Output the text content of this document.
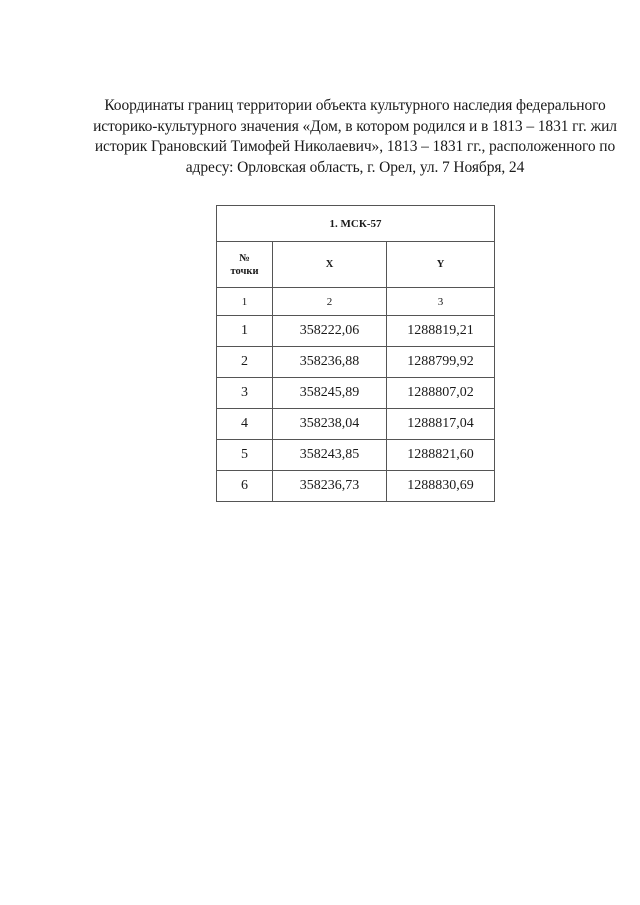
Координаты границ территории объекта культурного наследия федерального
историко-культурного значения «Дом, в котором родился и в 1813 – 1831 гг. жил
историк Грановский Тимофей Николаевич», 1813 – 1831 гг., расположенного по
адресу: Орловская область, г. Орел, ул. 7 Ноября, 24
1. МСК-57		
№
точки	X	Y
1	2	3
1	358222,06	1288819,21
2	358236,88	1288799,92
3	358245,89	1288807,02
4	358238,04	1288817,04
5	358243,85	1288821,60
6	358236,73	1288830,69
